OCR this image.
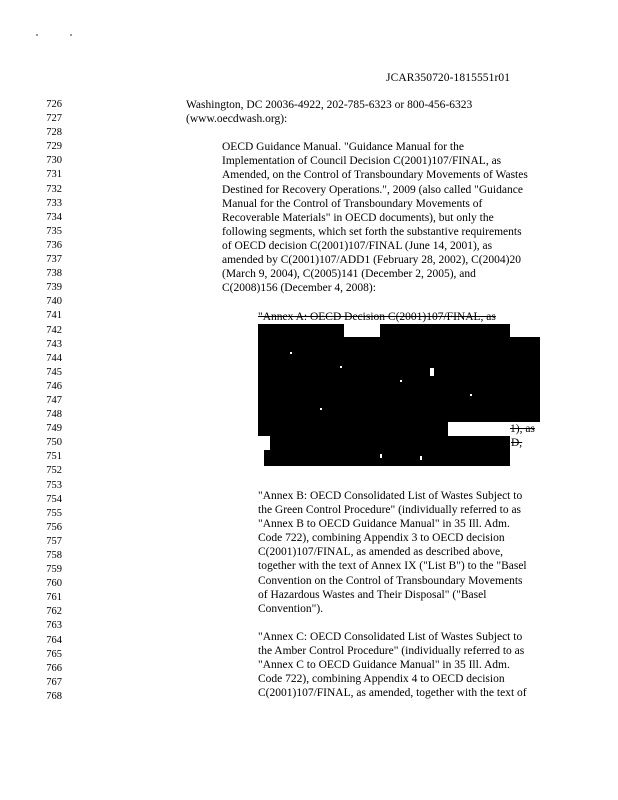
JCAR350720-1815551r01
726
727
728
729
730
731
732
733
734
735
736
737
738
739
740
741
742
743
744
745
746
747
748
749
750
751
752
753
754
755
756
757
758
759
760
761
762
763
764
765
766
767
768
Washington, DC 20036-4922, 202-785-6323 or 800-456-6323
(www.oecdwash.org):
OECD Guidance Manual. "Guidance Manual for the
Implementation of Council Decision C(2001)107/FINAL, as
Amended, on the Control of Transboundary Movements of Wastes
Destined for Recovery Operations.", 2009 (also called "Guidance
Manual for the Control of Transboundary Movements of
Recoverable Materials" in OECD documents), but only the
following segments, which set forth the substantive requirements
of OECD decision C(2001)107/FINAL (June 14, 2001), as
amended by C(2001)107/ADD1 (February 28, 2002), C(2004)20
(March 9, 2004), C(2005)141 (December 2, 2005), and
C(2008)156 (December 4, 2008):
"Annex A: OECD Decision C(2001)107/FINAL, as
1), as
D,
"Annex B: OECD Consolidated List of Wastes Subject to
the Green Control Procedure" (individually referred to as
"Annex B to OECD Guidance Manual" in 35 Ill. Adm.
Code 722), combining Appendix 3 to OECD decision
C(2001)107/FINAL, as amended as described above,
together with the text of Annex IX ("List B") to the "Basel
Convention on the Control of Transboundary Movements
of Hazardous Wastes and Their Disposal" ("Basel
Convention").
"Annex C: OECD Consolidated List of Wastes Subject to
the Amber Control Procedure" (individually referred to as
"Annex C to OECD Guidance Manual" in 35 Ill. Adm.
Code 722), combining Appendix 4 to OECD decision
C(2001)107/FINAL, as amended, together with the text of
